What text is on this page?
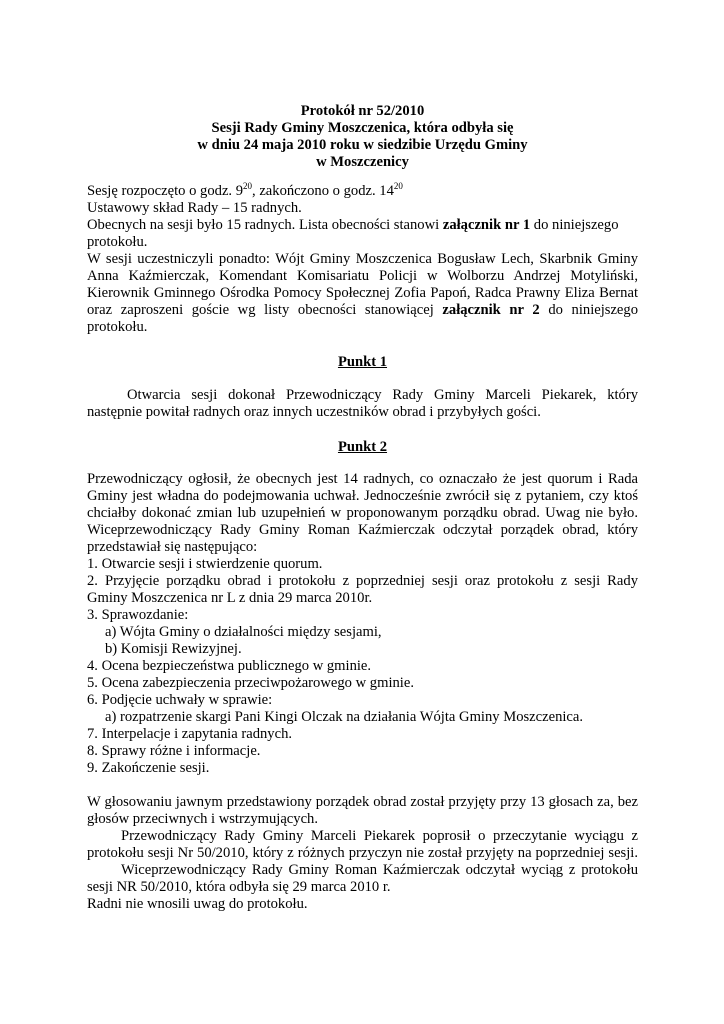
Protokół nr 52/2010
Sesji Rady Gminy Moszczenica, która odbyła się
w dniu 24 maja 2010 roku w siedzibie Urzędu Gminy
w Moszczenicy
Sesję rozpoczęto o godz. $9^{20}$, zakończono o godz. $14^{20}$
Ustawowy skład Rady – 15 radnych.
Obecnych na sesji było 15 radnych. Lista obecności stanowi załącznik nr 1 do niniejszego
protokołu.
W sesji uczestniczyli ponadto: Wójt Gminy Moszczenica Bogusław Lech, Skarbnik Gminy
Anna Kaźmierczak, Komendant Komisariatu Policji w Wolborzu Andrzej Motyliński,
Kierownik Gminnego Ośrodka Pomocy Społecznej Zofia Papoń, Radca Prawny Eliza Bernat
oraz zaproszeni goście wg listy obecności stanowiącej załącznik nr 2 do niniejszego
protokołu.
Punkt 1
Otwarcia sesji dokonał Przewodniczący Rady Gminy Marceli Piekarek, który
następnie powitał radnych oraz innych uczestników obrad i przybyłych gości.
Punkt 2
Przewodniczący ogłosił, że obecnych jest 14 radnych, co oznaczało że jest quorum i Rada
Gminy jest władna do podejmowania uchwał. Jednocześnie zwrócił się z pytaniem, czy ktoś
chciałby dokonać zmian lub uzupełnień w proponowanym porządku obrad. Uwag nie było.
Wiceprzewodniczący Rady Gminy Roman Kaźmierczak odczytał porządek obrad, który
przedstawiał się następująco:
1. Otwarcie sesji i stwierdzenie quorum.
2. Przyjęcie porządku obrad i protokołu z poprzedniej sesji oraz protokołu z sesji Rady
Gminy Moszczenica nr L z dnia 29 marca 2010r.
3. Sprawozdanie:
a) Wójta Gminy o działalności między sesjami,
b) Komisji Rewizyjnej.
4. Ocena bezpieczeństwa publicznego w gminie.
5. Ocena zabezpieczenia przeciwpożarowego w gminie.
6. Podjęcie uchwały w sprawie:
a) rozpatrzenie skargi Pani Kingi Olczak na działania Wójta Gminy Moszczenica.
7. Interpelacje i zapytania radnych.
8. Sprawy różne i informacje.
9. Zakończenie sesji.
W głosowaniu jawnym przedstawiony porządek obrad został przyjęty przy 13 głosach za, bez
głosów przeciwnych i wstrzymujących.
Przewodniczący Rady Gminy Marceli Piekarek poprosił o przeczytanie wyciągu z
protokołu sesji Nr 50/2010, który z różnych przyczyn nie został przyjęty na poprzedniej sesji.
Wiceprzewodniczący Rady Gminy Roman Kaźmierczak odczytał wyciąg z protokołu
sesji NR 50/2010, która odbyła się 29 marca 2010 r.
Radni nie wnosili uwag do protokołu.
